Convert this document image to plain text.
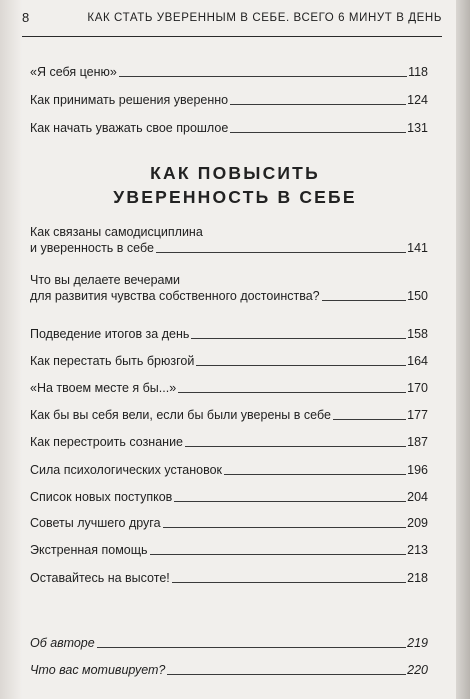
8	КАК СТАТЬ УВЕРЕННЫМ В СЕБЕ. ВСЕГО 6 МИНУТ В ДЕНЬ
«Я себя ценю»	118
Как принимать решения уверенно	124
Как начать уважать свое прошлое	131
Как связаны самодисциплина
и уверенность в себе	141
Что вы делаете вечерами
для развития чувства собственного достоинства?	150
Подведение итогов за день	158
Как перестать быть брюзгой	164
«На твоем месте я бы...»	170
Как бы вы себя вели, если бы были уверены в себе	177
Как перестроить сознание	187
Сила психологических установок	196
Список новых поступков	204
Советы лучшего друга	209
Экстренная помощь	213
Оставайтесь на высоте!	218
Об авторе	219
Что вас мотивирует?	220
КАК ПОВЫСИТЬ
УВЕРЕННОСТЬ В СЕБЕ
